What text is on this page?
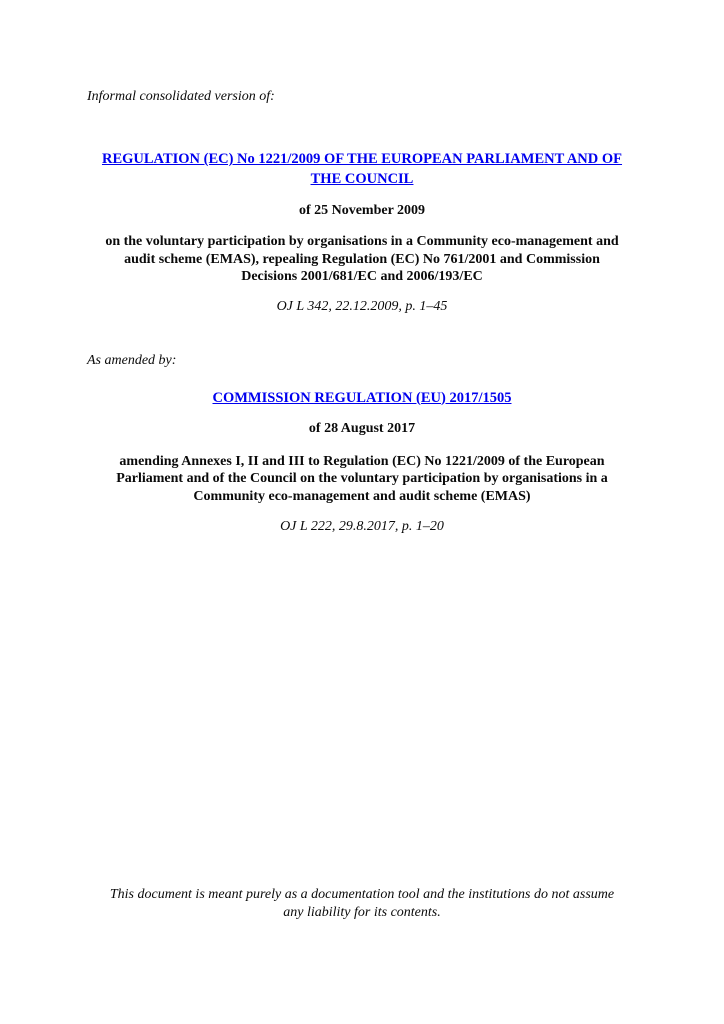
Informal consolidated version of:

REGULATION (EC) No 1221/2009 OF THE EUROPEAN PARLIAMENT AND OF
THE COUNCIL

of 25 November 2009

on the voluntary participation by organisations in a Community eco-management and
audit scheme (EMAS), repealing Regulation (EC) No 761/2001 and Commission
Decisions 2001/681/EC and 2006/193/EC

OJ L 342, 22.12.2009, p. 1–45

As amended by:

COMMISSION REGULATION (EU) 2017/1505

of 28 August 2017

amending Annexes I, II and III to Regulation (EC) No 1221/2009 of the European
Parliament and of the Council on the voluntary participation by organisations in a
Community eco-management and audit scheme (EMAS)

OJ L 222, 29.8.2017, p. 1–20

This document is meant purely as a documentation tool and the institutions do not assume
any liability for its contents.
